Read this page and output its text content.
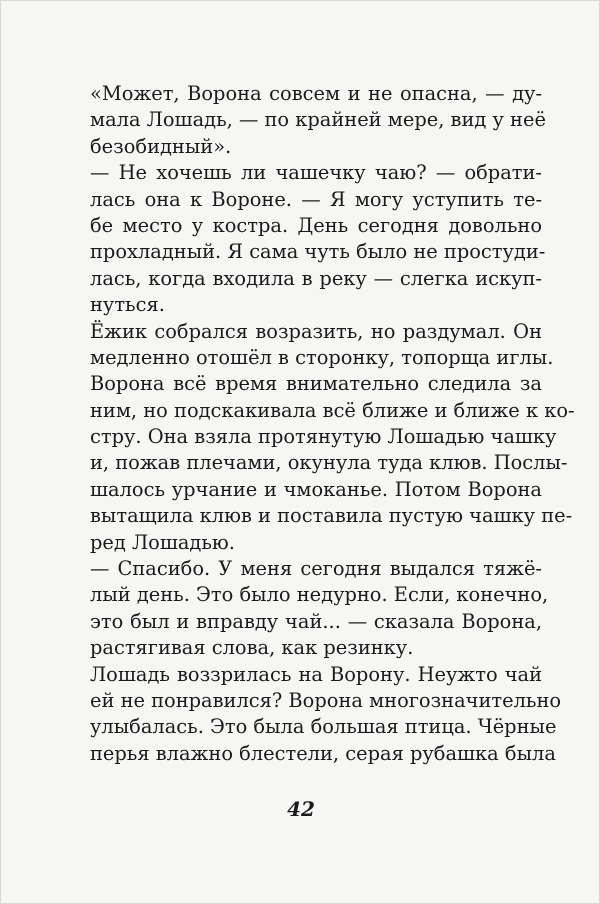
«Может, Ворона совсем и не опасна, — ду-
мала Лошадь, — по крайней мере, вид у неё
безобидный».
— Не хочешь ли чашечку чаю? — обрати-
лась она к Вороне. — Я могу уступить те-
бе место у костра. День сегодня довольно
прохладный. Я сама чуть было не простуди-
лась, когда входила в реку — слегка искуп-
нуться.
Ёжик собрался возразить, но раздумал. Он
медленно отошёл в сторонку, топорща иглы.
Ворона всё время внимательно следила за
ним, но подскакивала всё ближе и ближе к ко-
стру. Она взяла протянутую Лошадью чашку
и, пожав плечами, окунула туда клюв. Послы-
шалось урчание и чмоканье. Потом Ворона
вытащила клюв и поставила пустую чашку пе-
ред Лошадью.
— Спасибо. У меня сегодня выдался тяжё-
лый день. Это было недурно. Если, конечно,
это был и вправду чай... — сказала Ворона,
растягивая слова, как резинку.
Лошадь воззрилась на Ворону. Неужто чай
ей не понравился? Ворона многозначительно
улыбалась. Это была большая птица. Чёрные
перья влажно блестели, серая рубашка была
42
